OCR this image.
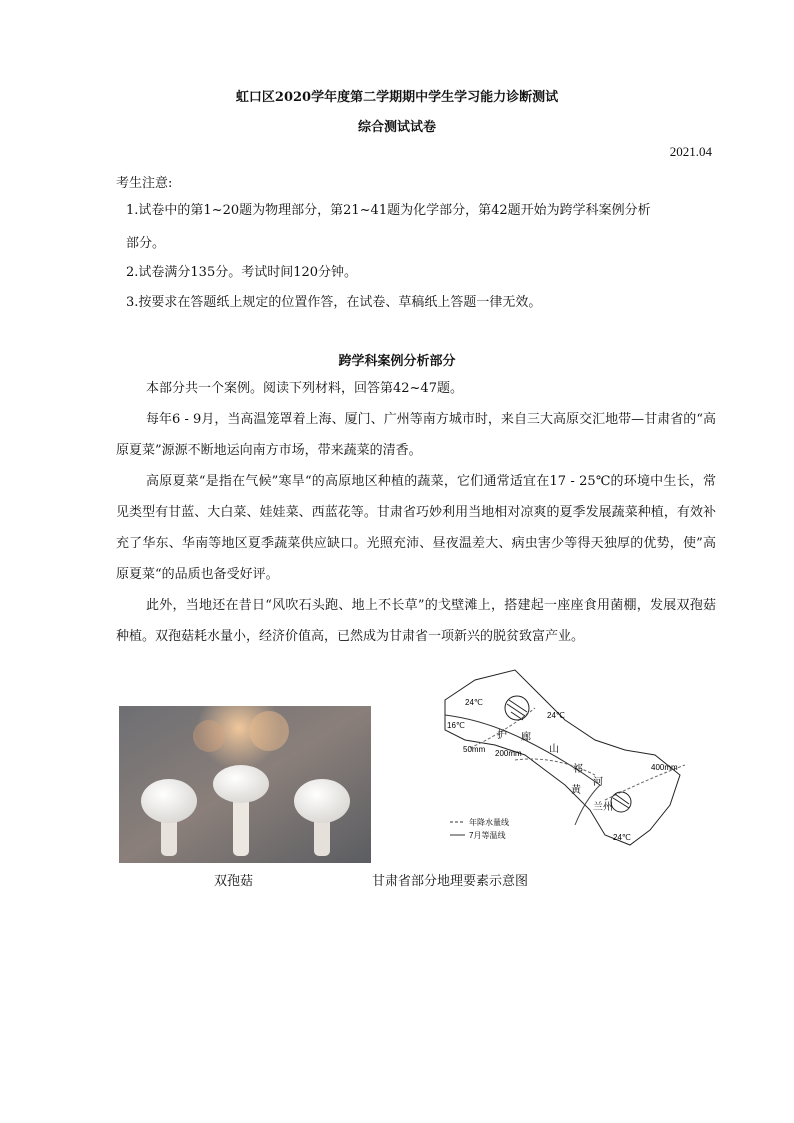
虹口区2020学年度第二学期期中学生学习能力诊断测试
综合测试试卷
2021.04
考生注意:
1.试卷中的第1~20题为物理部分，第21~41题为化学部分，第42题开始为跨学科案例分析
部分。
2.试卷满分135分。考试时间120分钟。
3.按要求在答题纸上规定的位置作答，在试卷、草稿纸上答题一律无效。
跨学科案例分析部分
本部分共一个案例。阅读下列材料，回答第42~47题。
每年6 - 9月，当高温笼罩着上海、厦门、广州等南方城市时，来自三大高原交汇地带—甘肃省的“高原夏菜”源源不断地运向南方市场，带来蔬菜的清香。
高原夏菜“是指在气候”寒旱“的高原地区种植的蔬菜，它们通常适宜在17 - 25℃的环境中生长，常见类型有甘蓝、大白菜、娃娃菜、西蓝花等。甘肃省巧妙利用当地相对凉爽的夏季发展蔬菜种植，有效补充了华东、华南等地区夏季蔬菜供应缺口。光照充沛、昼夜温差大、病虫害少等得天独厚的优势，使”高原夏菜“的品质也备受好评。
此外，当地还在昔日“风吹石头跑、地上不长草”的戈壁滩上，搭建起一座座食用菌棚，发展双孢菇种植。双孢菇耗水量小，经济价值高，已然成为甘肃省一项新兴的脱贫致富产业。
24℃
24℃
16℃
24℃
50mm 200mm
400mm
护 廊
山
祁
河
黄
兰州
年降水量线
7月等温线
双孢菇	甘肃省部分地理要素示意图
